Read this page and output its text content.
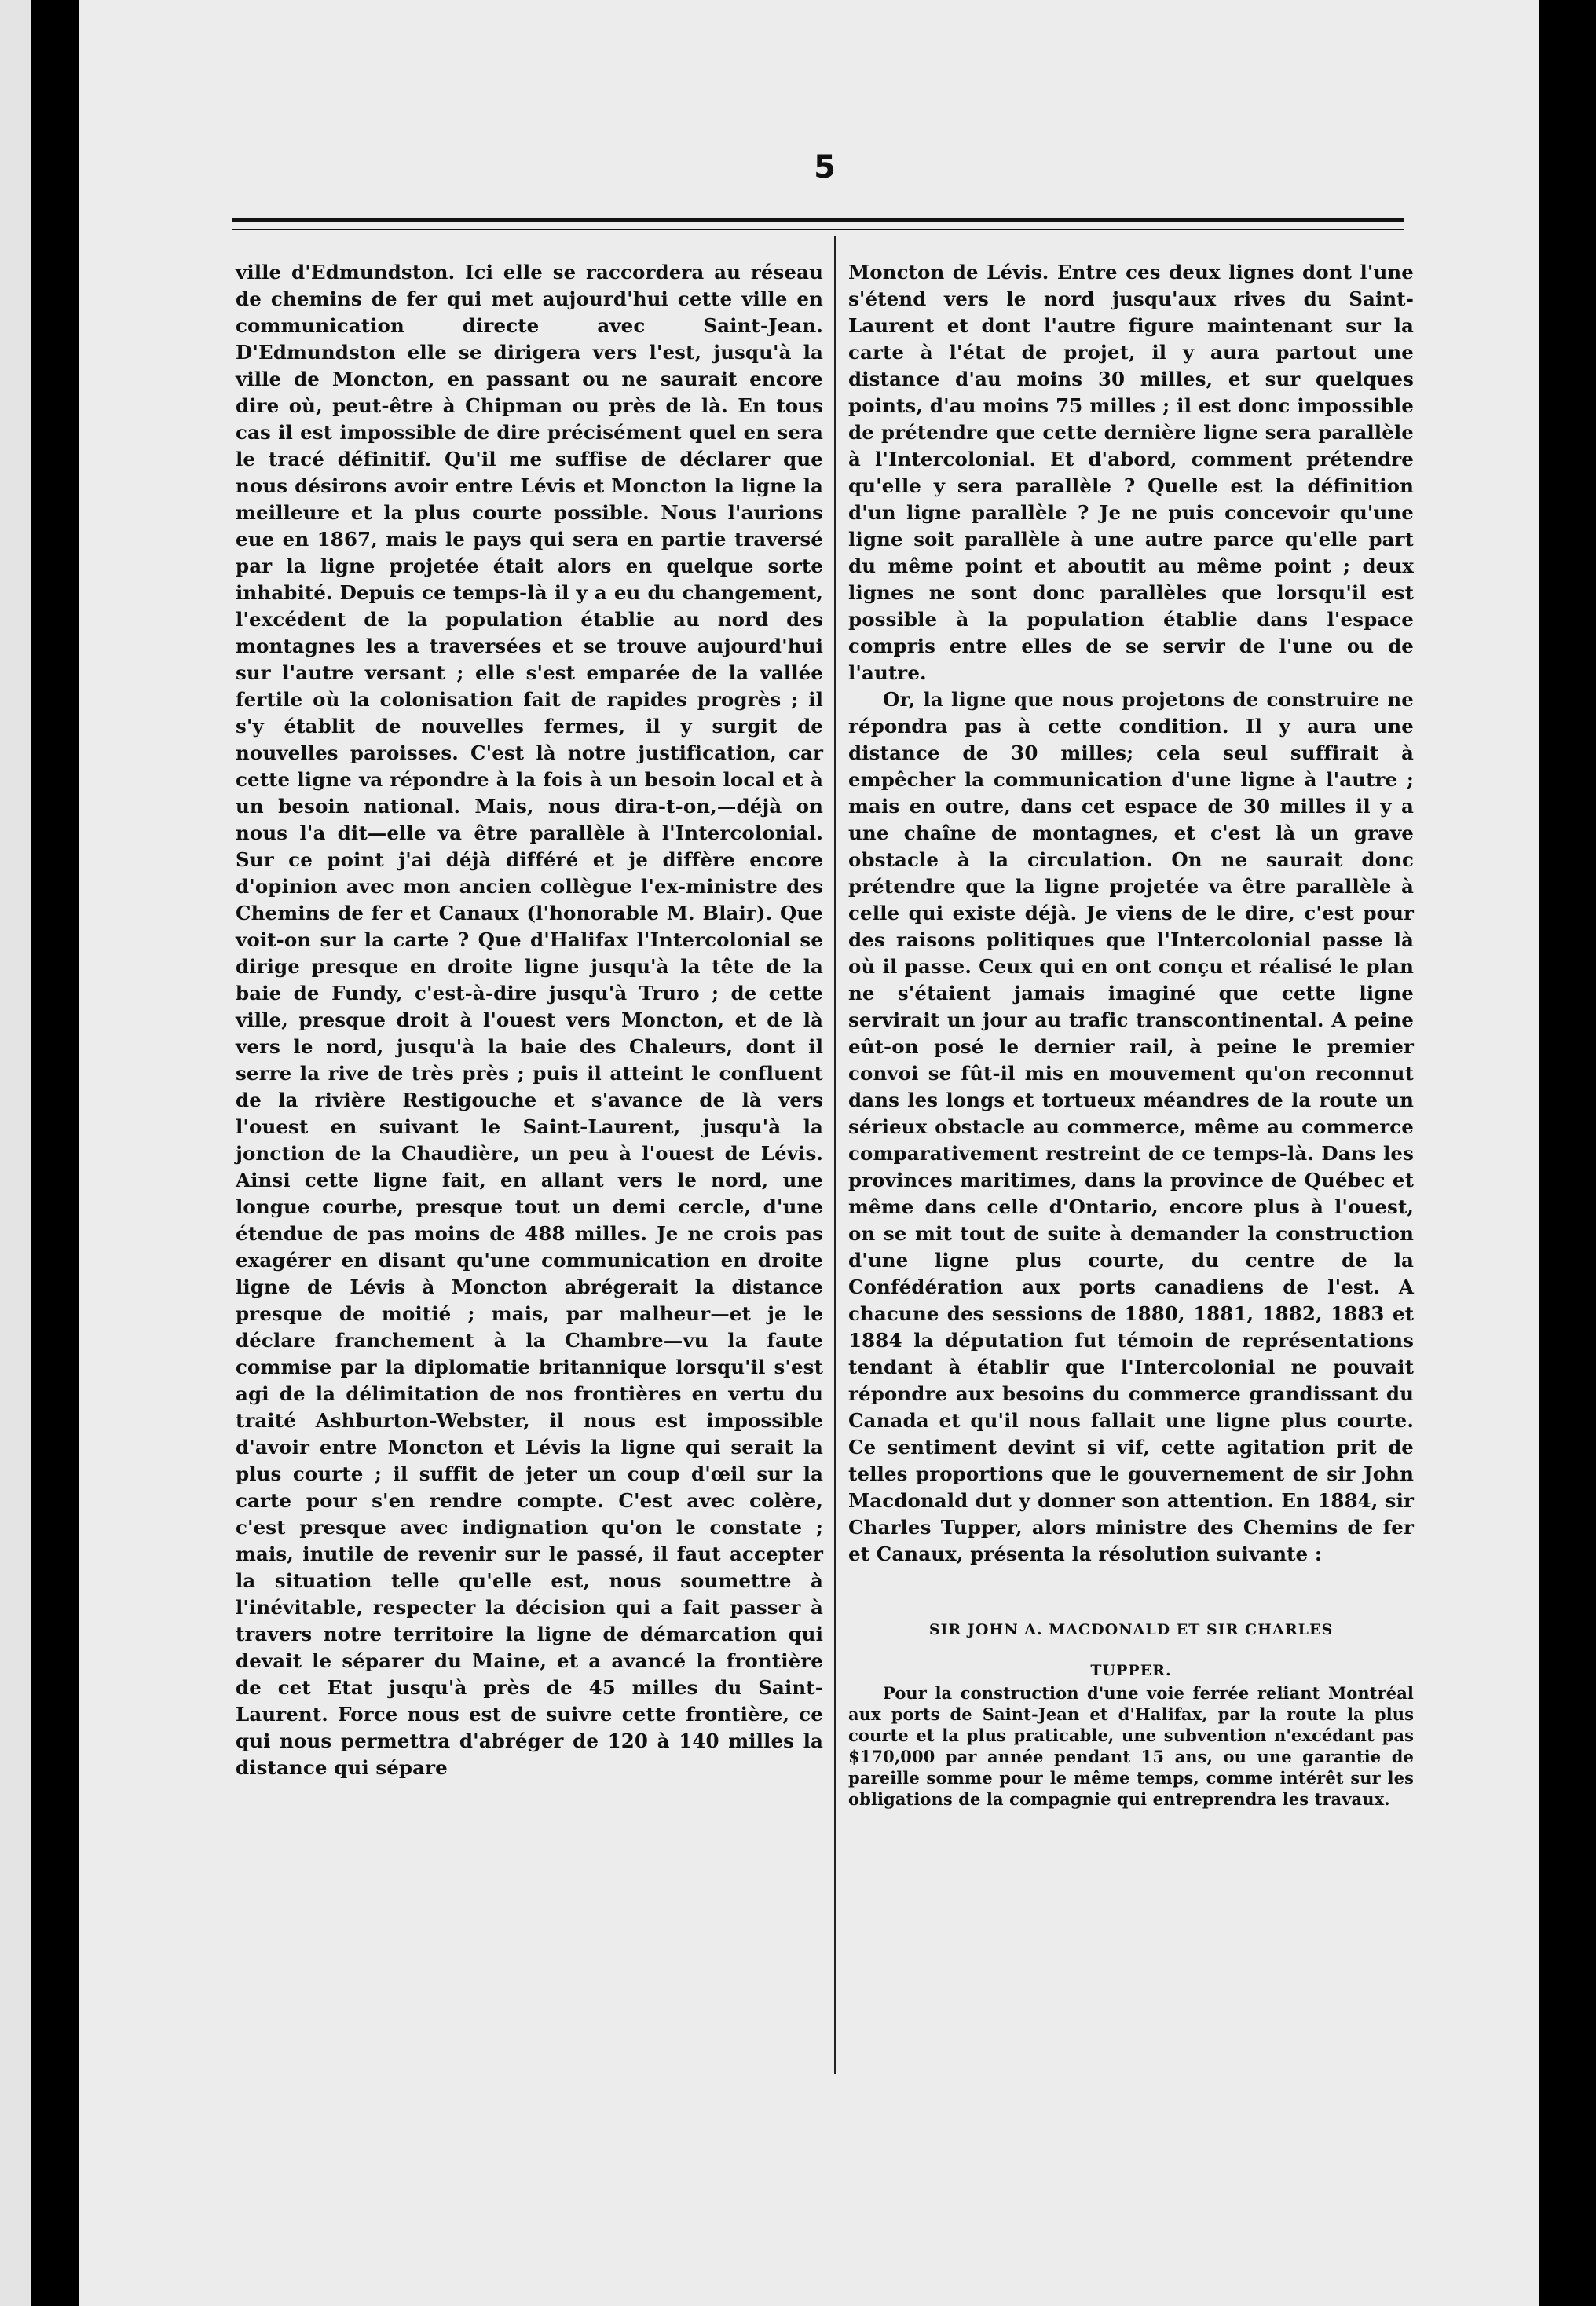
5

ville d'Edmundston. Ici elle se raccordera au réseau de chemins de fer qui met aujourd'hui cette ville en communication directe avec Saint-Jean. D'Edmundston elle se dirigera vers l'est, jusqu'à la ville de Moncton, en passant ou ne saurait encore dire où, peut-être à Chipman ou près de là. En tous cas il est impossible de dire précisément quel en sera le tracé définitif. Qu'il me suffise de déclarer que nous désirons avoir entre Lévis et Moncton la ligne la meilleure et la plus courte possible. Nous l'aurions eue en 1867, mais le pays qui sera en partie traversé par la ligne projetée était alors en quelque sorte inhabité. Depuis ce temps-là il y a eu du changement, l'excédent de la population établie au nord des montagnes les a traversées et se trouve aujourd'hui sur l'autre versant ; elle s'est emparée de la vallée fertile où la colonisation fait de rapides progrès ; il s'y établit de nouvelles fermes, il y surgit de nouvelles paroisses. C'est là notre justification, car cette ligne va répondre à la fois à un besoin local et à un besoin national. Mais, nous dira-t-on,—déjà on nous l'a dit—elle va être parallèle à l'Intercolonial. Sur ce point j'ai déjà différé et je diffère encore d'opinion avec mon ancien collègue l'ex-ministre des Chemins de fer et Canaux (l'honorable M. Blair). Que voit-on sur la carte ? Que d'Halifax l'Intercolonial se dirige presque en droite ligne jusqu'à la tête de la baie de Fundy, c'est-à-dire jusqu'à Truro ; de cette ville, presque droit à l'ouest vers Moncton, et de là vers le nord, jusqu'à la baie des Chaleurs, dont il serre la rive de très près ; puis il atteint le confluent de la rivière Restigouche et s'avance de là vers l'ouest en suivant le Saint-Laurent, jusqu'à la jonction de la Chaudière, un peu à l'ouest de Lévis. Ainsi cette ligne fait, en allant vers le nord, une longue courbe, presque tout un demi cercle, d'une étendue de pas moins de 488 milles. Je ne crois pas exagérer en disant qu'une communication en droite ligne de Lévis à Moncton abrégerait la distance presque de moitié ; mais, par malheur—et je le déclare franchement à la Chambre—vu la faute commise par la diplomatie britannique lorsqu'il s'est agi de la délimitation de nos frontières en vertu du traité Ashburton-Webster, il nous est impossible d'avoir entre Moncton et Lévis la ligne qui serait la plus courte ; il suffit de jeter un coup d'œil sur la carte pour s'en rendre compte. C'est avec colère, c'est presque avec indignation qu'on le constate ; mais, inutile de revenir sur le passé, il faut accepter la situation telle qu'elle est, nous soumettre à l'inévitable, respecter la décision qui a fait passer à travers notre territoire la ligne de démarcation qui devait le séparer du Maine, et a avancé la frontière de cet Etat jusqu'à près de 45 milles du Saint-Laurent. Force nous est de suivre cette frontière, ce qui nous permettra d'abréger de 120 à 140 milles la distance qui sépare

Moncton de Lévis. Entre ces deux lignes dont l'une s'étend vers le nord jusqu'aux rives du Saint-Laurent et dont l'autre figure maintenant sur la carte à l'état de projet, il y aura partout une distance d'au moins 30 milles, et sur quelques points, d'au moins 75 milles ; il est donc impossible de prétendre que cette dernière ligne sera parallèle à l'Intercolonial. Et d'abord, comment prétendre qu'elle y sera parallèle ? Quelle est la définition d'un ligne parallèle ? Je ne puis concevoir qu'une ligne soit parallèle à une autre parce qu'elle part du même point et aboutit au même point ; deux lignes ne sont donc parallèles que lorsqu'il est possible à la population établie dans l'espace compris entre elles de se servir de l'une ou de l'autre.

Or, la ligne que nous projetons de construire ne répondra pas à cette condition. Il y aura une distance de 30 milles; cela seul suffirait à empêcher la communication d'une ligne à l'autre ; mais en outre, dans cet espace de 30 milles il y a une chaîne de montagnes, et c'est là un grave obstacle à la circulation. On ne saurait donc prétendre que la ligne projetée va être parallèle à celle qui existe déjà. Je viens de le dire, c'est pour des raisons politiques que l'Intercolonial passe là où il passe. Ceux qui en ont conçu et réalisé le plan ne s'étaient jamais imaginé que cette ligne servirait un jour au trafic transcontinental. A peine eût-on posé le dernier rail, à peine le premier convoi se fût-il mis en mouvement qu'on reconnut dans les longs et tortueux méandres de la route un sérieux obstacle au commerce, même au commerce comparativement restreint de ce temps-là. Dans les provinces maritimes, dans la province de Québec et même dans celle d'Ontario, encore plus à l'ouest, on se mit tout de suite à demander la construction d'une ligne plus courte, du centre de la Confédération aux ports canadiens de l'est. A chacune des sessions de 1880, 1881, 1882, 1883 et 1884 la députation fut témoin de représentations tendant à établir que l'Intercolonial ne pouvait répondre aux besoins du commerce grandissant du Canada et qu'il nous fallait une ligne plus courte. Ce sentiment devint si vif, cette agitation prit de telles proportions que le gouvernement de sir John Macdonald dut y donner son attention. En 1884, sir Charles Tupper, alors ministre des Chemins de fer et Canaux, présenta la résolution suivante :

SIR JOHN A. MACDONALD ET SIR CHARLES
TUPPER.

Pour la construction d'une voie ferrée reliant Montréal aux ports de Saint-Jean et d'Halifax, par la route la plus courte et la plus praticable, une subvention n'excédant pas $170,000 par année pendant 15 ans, ou une garantie de pareille somme pour le même temps, comme intérêt sur les obligations de la compagnie qui entreprendra les travaux.
